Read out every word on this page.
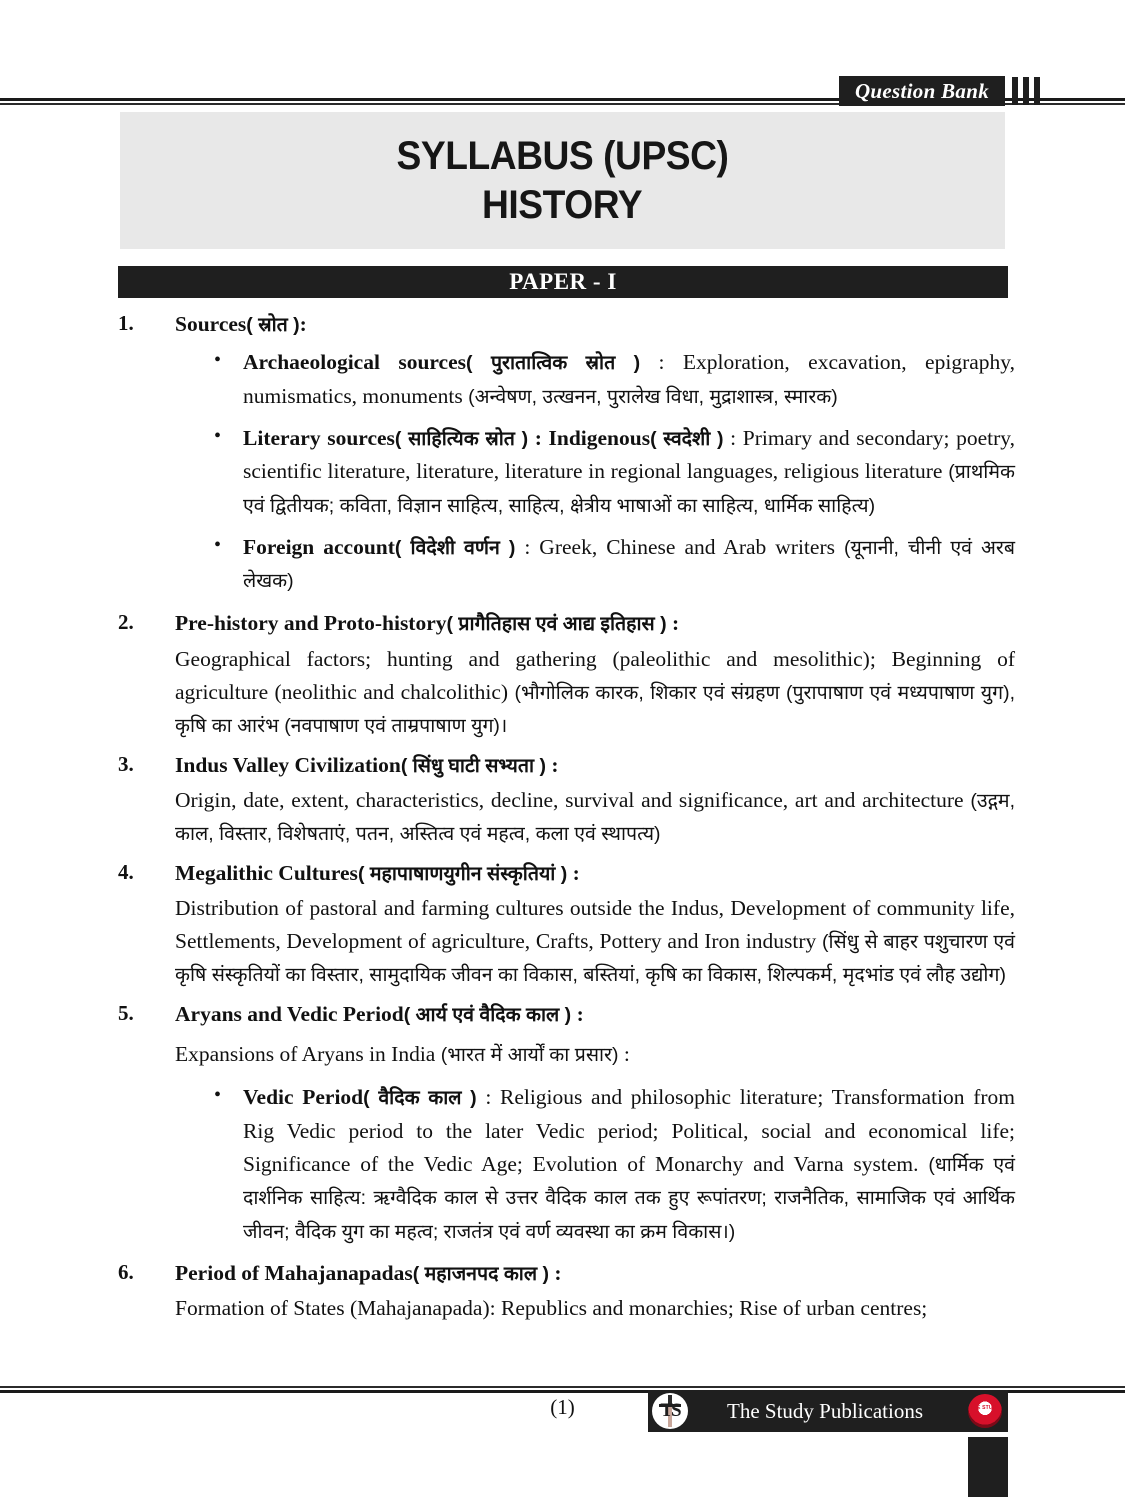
Question Bank
SYLLABUS (UPSC)
HISTORY
PAPER - I
1. Sources( स्रोत ):
• Archaeological sources( पुरातात्विक स्रोत ) : Exploration, excavation, epigraphy, numismatics, monuments (अन्वेषण, उत्खनन, पुरालेख विधा, मुद्राशास्त्र, स्मारक)
• Literary sources( साहित्यिक स्रोत ) : Indigenous( स्वदेशी ) : Primary and secondary; poetry, scientific literature, literature, literature in regional languages, religious literature (प्राथमिक एवं द्वितीयक; कविता, विज्ञान साहित्य, साहित्य, क्षेत्रीय भाषाओं का साहित्य, धार्मिक साहित्य)
• Foreign account( विदेशी वर्णन ) : Greek, Chinese and Arab writers (यूनानी, चीनी एवं अरब लेखक)
2. Pre-history and Proto-history( प्रागैतिहास एवं आद्य इतिहास ) :
Geographical factors; hunting and gathering (paleolithic and mesolithic); Beginning of agriculture (neolithic and chalcolithic) (भौगोलिक कारक, शिकार एवं संग्रहण (पुरापाषाण एवं मध्यपाषाण युग), कृषि का आरंभ (नवपाषाण एवं ताम्रपाषाण युग)।
3. Indus Valley Civilization( सिंधु घाटी सभ्यता ) :
Origin, date, extent, characteristics, decline, survival and significance, art and architecture (उद्गम, काल, विस्तार, विशेषताएं, पतन, अस्तित्व एवं महत्व, कला एवं स्थापत्य)
4. Megalithic Cultures( महापाषाणयुगीन संस्कृतियां ) :
Distribution of pastoral and farming cultures outside the Indus, Development of community life, Settlements, Development of agriculture, Crafts, Pottery and Iron industry (सिंधु से बाहर पशुचारण एवं कृषि संस्कृतियों का विस्तार, सामुदायिक जीवन का विकास, बस्तियां, कृषि का विकास, शिल्पकर्म, मृदभांड एवं लौह उद्योग)
5. Aryans and Vedic Period( आर्य एवं वैदिक काल ) :
Expansions of Aryans in India (भारत में आर्यों का प्रसार) :
• Vedic Period( वैदिक काल ) : Religious and philosophic literature; Transformation from Rig Vedic period to the later Vedic period; Political, social and economical life; Significance of the Vedic Age; Evolution of Monarchy and Varna system. (धार्मिक एवं दार्शनिक साहित्य: ऋग्वैदिक काल से उत्तर वैदिक काल तक हुए रूपांतरण; राजनैतिक, सामाजिक एवं आर्थिक जीवन; वैदिक युग का महत्व; राजतंत्र एवं वर्ण व्यवस्था का क्रम विकास।)
6. Period of Mahajanapadas( महाजनपद काल ) :
Formation of States (Mahajanapada): Republics and monarchies; Rise of urban centres;
(1)	TS	The Study Publications	THE STUDY
